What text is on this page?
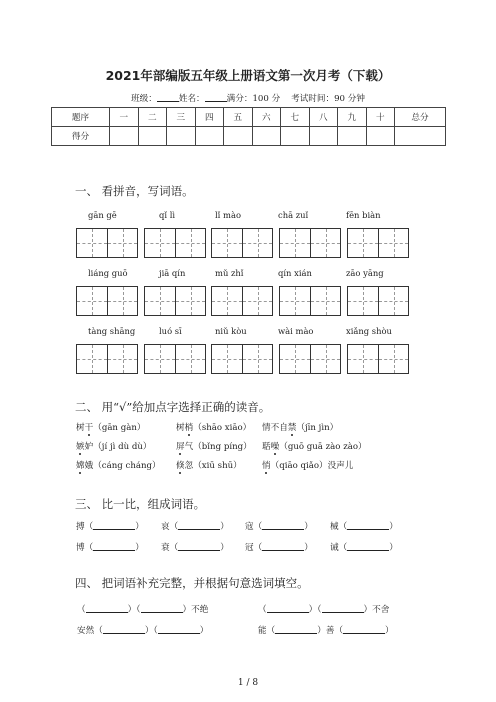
2021年部编版五年级上册语文第一次月考（下载）
班级：	姓名：	满分：100 分 考试时间：90 分钟
题序	一	二	三	四	五	六	七	八	九	十	总分
得分											
一、 看拼音，写词语。
gān gē	qǐ lì	lǐ mào	chā zuǐ	fēn biàn
liáng guō	jiā qín	mǔ zhǐ	qín xián	zāo yāng
tàng shāng	luó sī	niǔ kòu	wài mào	xiǎng shòu
二、 用“√”给加点字选择正确的读音。
树干（gān gàn）	树梢（shāo xiāo） 情不自禁（jīn jìn）
嫉妒（jí jì dù dù）	屏气（bǐng píng） 聒噪（guō guā zào zào）
嫦娥（cáng cháng） 倏忽（xiū shū） 悄（qiāo qiǎo）没声儿
三、 比一比，组成词语。
搏（	） 哀（	） 寇（	） 械（	）
博（	） 衰（	） 冠（	） 诫（	）
四、 把词语补充完整，并根据句意选词填空。
（	）（	）不绝	（	）（	）不舍
安然（	）（	）	能（	）善（	）
1 / 8
